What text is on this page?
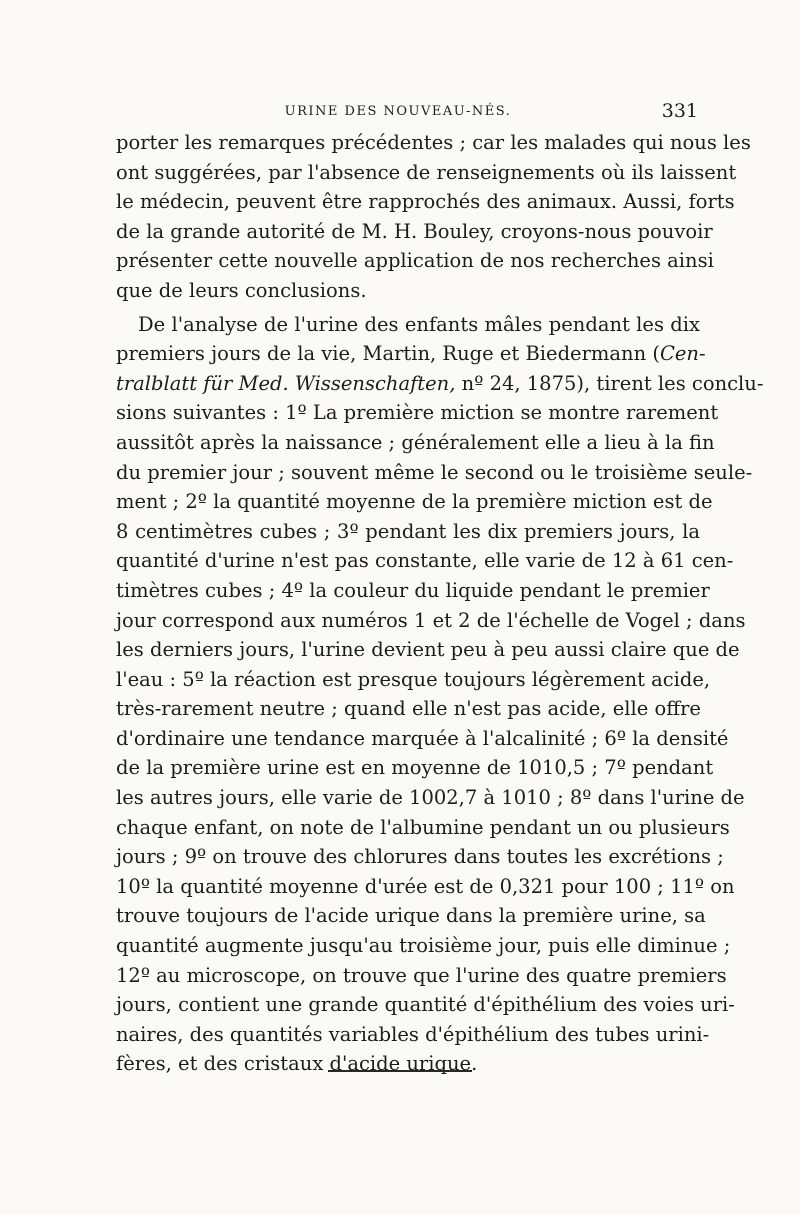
URINE DES NOUVEAU-NÉS.	331
porter les remarques précédentes ; car les malades qui nous les
ont suggérées, par l'absence de renseignements où ils laissent
le médecin, peuvent être rapprochés des animaux. Aussi, forts
de la grande autorité de M. H. Bouley, croyons-nous pouvoir
présenter cette nouvelle application de nos recherches ainsi
que de leurs conclusions.
De l'analyse de l'urine des enfants mâles pendant les dix
premiers jours de la vie, Martin, Ruge et Biedermann (Cen-
tralblatt für Med. Wissenschaften, nº 24, 1875), tirent les conclu-
sions suivantes : 1º La première miction se montre rarement
aussitôt après la naissance ; généralement elle a lieu à la fin
du premier jour ; souvent même le second ou le troisième seule-
ment ; 2º la quantité moyenne de la première miction est de
8 centimètres cubes ; 3º pendant les dix premiers jours, la
quantité d'urine n'est pas constante, elle varie de 12 à 61 cen-
timètres cubes ; 4º la couleur du liquide pendant le premier
jour correspond aux numéros 1 et 2 de l'échelle de Vogel ; dans
les derniers jours, l'urine devient peu à peu aussi claire que de
l'eau : 5º la réaction est presque toujours légèrement acide,
très-rarement neutre ; quand elle n'est pas acide, elle offre
d'ordinaire une tendance marquée à l'alcalinité ; 6º la densité
de la première urine est en moyenne de 1010,5 ; 7º pendant
les autres jours, elle varie de 1002,7 à 1010 ; 8º dans l'urine de
chaque enfant, on note de l'albumine pendant un ou plusieurs
jours ; 9º on trouve des chlorures dans toutes les excrétions ;
10º la quantité moyenne d'urée est de 0,321 pour 100 ; 11º on
trouve toujours de l'acide urique dans la première urine, sa
quantité augmente jusqu'au troisième jour, puis elle diminue ;
12º au microscope, on trouve que l'urine des quatre premiers
jours, contient une grande quantité d'épithélium des voies uri-
naires, des quantités variables d'épithélium des tubes urini-
fères, et des cristaux d'acide urique.
